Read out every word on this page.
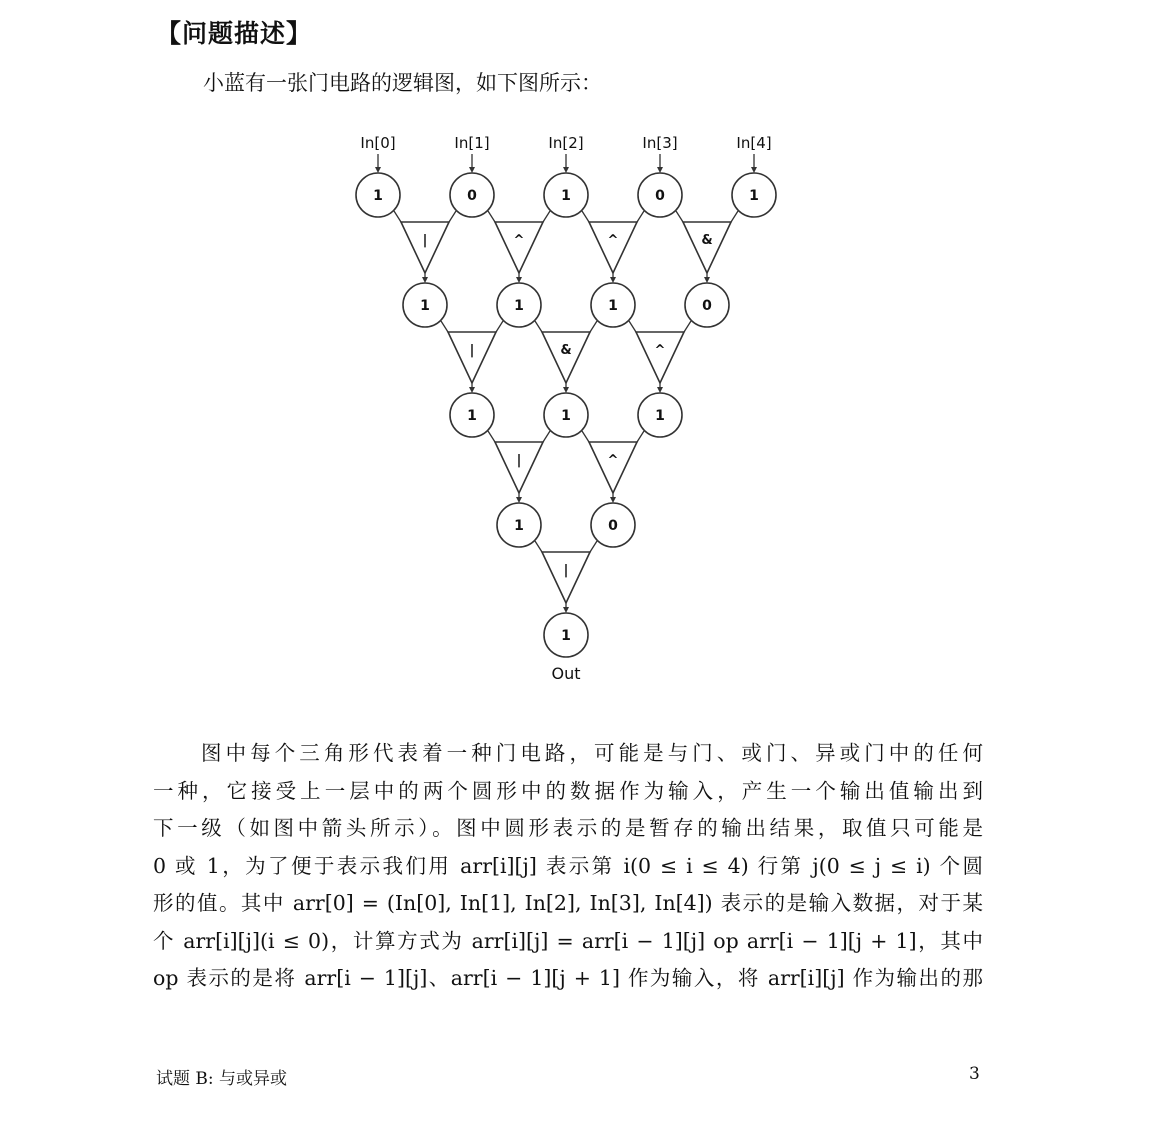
【问题描述】
小蓝有一张门电路的逻辑图，如下图所示：
In[0]	In[1]	In[2]	In[3]	In[4]
1	0	1	0	1
|	^	^	&
1	1	1	0
|	&	^
1	1	1
|	^
1	0
|
1
Out
图中每个三角形代表着一种门电路，可能是与门、或门、异或门中的任何
一种，它接受上一层中的两个圆形中的数据作为输入，产生一个输出值输出到
下一级（如图中箭头所示）。图中圆形表示的是暂存的输出结果，取值只可能是
0 或 1，为了便于表示我们用 arr[i][j] 表示第 i(0 ≤ i ≤ 4) 行第 j(0 ≤ j ≤ i) 个圆
形的值。其中 arr[0] = (In[0], In[1], In[2], In[3], In[4]) 表示的是输入数据，对于某
个 arr[i][j](i ≤ 0)，计算方式为 arr[i][j] = arr[i − 1][j] op arr[i − 1][j + 1]，其中
op 表示的是将 arr[i − 1][j]、arr[i − 1][j + 1] 作为输入，将 arr[i][j] 作为输出的那
试题 B: 与或异或	3
